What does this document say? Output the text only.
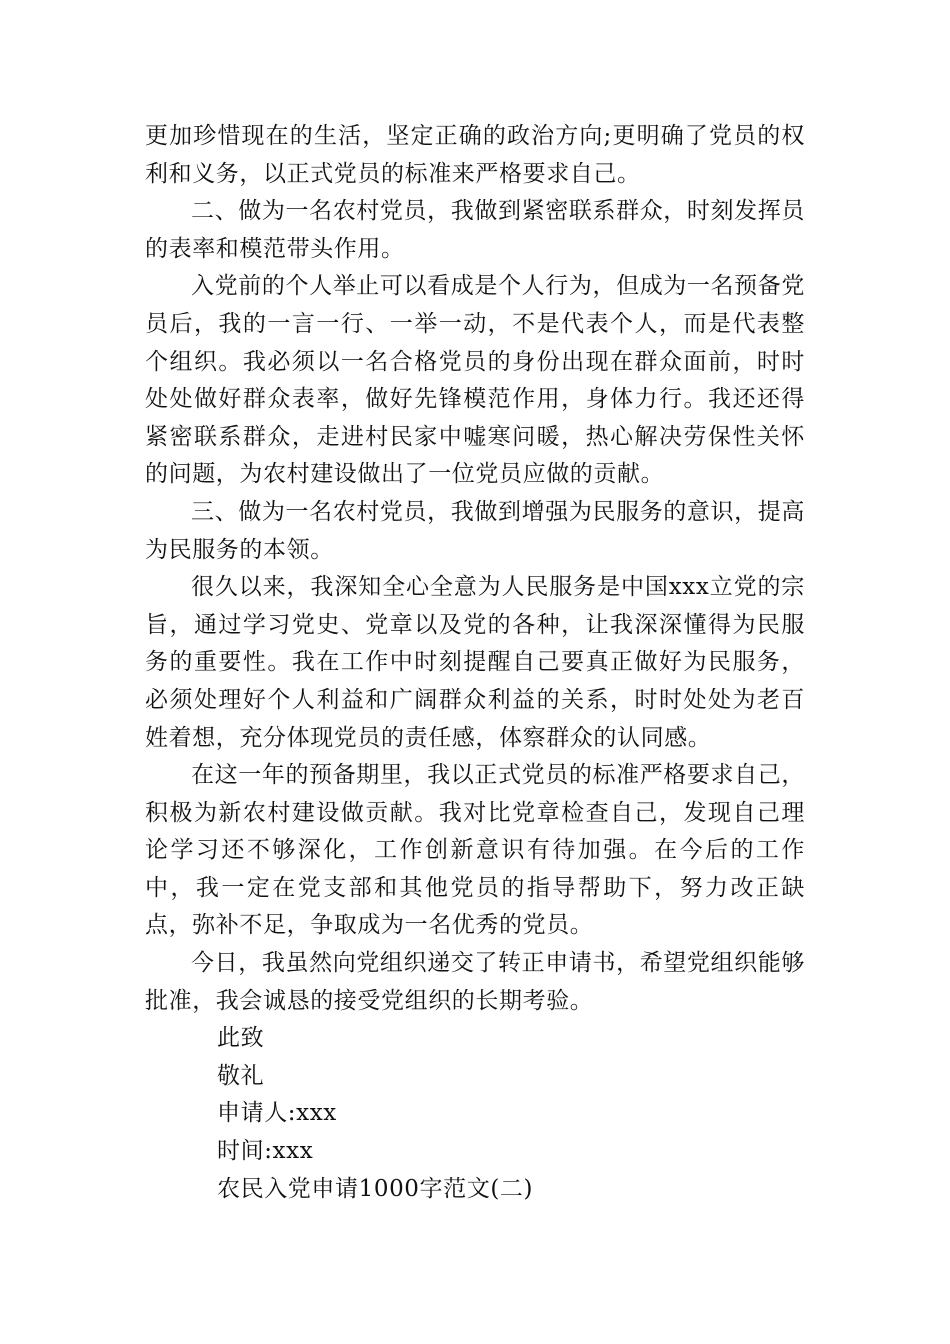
更加珍惜现在的生活，坚定正确的政治方向;更明确了党员的权利和义务，以正式党员的标准来严格要求自己。

二、做为一名农村党员，我做到紧密联系群众，时刻发挥员的表率和模范带头作用。

入党前的个人举止可以看成是个人行为，但成为一名预备党员后，我的一言一行、一举一动，不是代表个人，而是代表整个组织。我必须以一名合格党员的身份出现在群众面前，时时处处做好群众表率，做好先锋模范作用，身体力行。我还还得紧密联系群众，走进村民家中嘘寒问暖，热心解决劳保性关怀的问题，为农村建设做出了一位党员应做的贡献。

三、做为一名农村党员，我做到增强为民服务的意识，提高为民服务的本领。

很久以来，我深知全心全意为人民服务是中国xxx立党的宗旨，通过学习党史、党章以及党的各种，让我深深懂得为民服务的重要性。我在工作中时刻提醒自己要真正做好为民服务，必须处理好个人利益和广阔群众利益的关系，时时处处为老百姓着想，充分体现党员的责任感，体察群众的认同感。

在这一年的预备期里，我以正式党员的标准严格要求自己，积极为新农村建设做贡献。我对比党章检查自己，发现自己理论学习还不够深化，工作创新意识有待加强。在今后的工作中，我一定在党支部和其他党员的指导帮助下，努力改正缺点，弥补不足，争取成为一名优秀的党员。

今日，我虽然向党组织递交了转正申请书，希望党组织能够批准，我会诚恳的接受党组织的长期考验。

此致

敬礼

申请人:xxx

时间:xxx

农民入党申请1000字范文(二)
